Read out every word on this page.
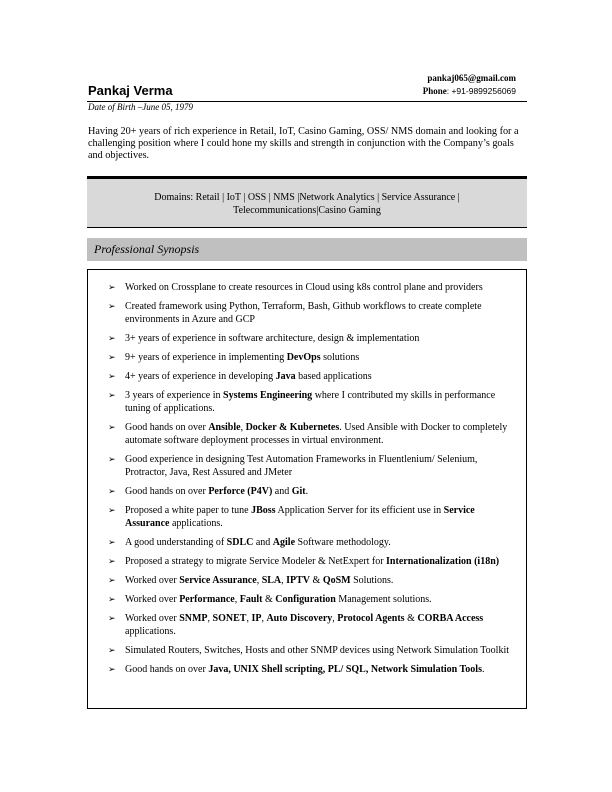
Pankaj Verma
pankaj065@gmail.com
Phone: +91-9899256069
Date of Birth –June 05, 1979
Having 20+ years of rich experience in Retail, IoT, Casino Gaming, OSS/ NMS domain and looking for a challenging position where I could hone my skills and strength in conjunction with the Company’s goals and objectives.
Domains: Retail | IoT | OSS | NMS |Network Analytics | Service Assurance |
Telecommunications|Casino Gaming
Professional Synopsis
➢ Worked on Crossplane to create resources in Cloud using k8s control plane and providers
➢ Created framework using Python, Terraform, Bash, Github workflows to create complete environments in Azure and GCP
➢ 3+ years of experience in software architecture, design & implementation
➢ 9+ years of experience in implementing DevOps solutions
➢ 4+ years of experience in developing Java based applications
➢ 3 years of experience in Systems Engineering where I contributed my skills in performance tuning of applications.
➢ Good hands on over Ansible, Docker & Kubernetes. Used Ansible with Docker to completely automate software deployment processes in virtual environment.
➢ Good experience in designing Test Automation Frameworks in Fluentlenium/ Selenium, Protractor, Java, Rest Assured and JMeter
➢ Good hands on over Perforce (P4V) and Git.
➢ Proposed a white paper to tune JBoss Application Server for its efficient use in Service Assurance applications.
➢ A good understanding of SDLC and Agile Software methodology.
➢ Proposed a strategy to migrate Service Modeler & NetExpert for Internationalization (i18n)
➢ Worked over Service Assurance, SLA, IPTV & QoSM Solutions.
➢ Worked over Performance, Fault & Configuration Management solutions.
➢ Worked over SNMP, SONET, IP, Auto Discovery, Protocol Agents & CORBA Access applications.
➢ Simulated Routers, Switches, Hosts and other SNMP devices using Network Simulation Toolkit
➢ Good hands on over Java, UNIX Shell scripting, PL/ SQL, Network Simulation Tools.
